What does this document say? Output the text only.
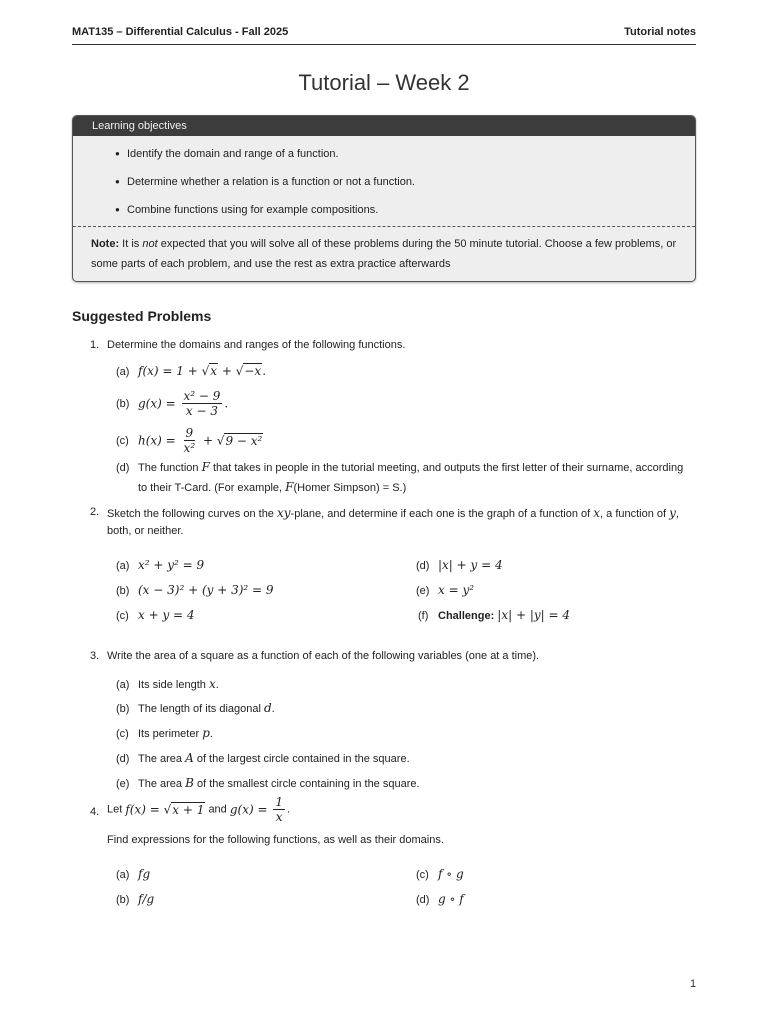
MAT135 – Differential Calculus - Fall 2025	Tutorial notes
Tutorial – Week 2
Learning objectives
● Identify the domain and range of a function.
● Determine whether a relation is a function or not a function.
● Combine functions using for example compositions.
Note: It is not expected that you will solve all of these problems during the 50 minute tutorial. Choose a few problems, or some parts of each problem, and use the rest as extra practice afterwards
Suggested Problems
1. Determine the domains and ranges of the following functions.
(a) f(x) = 1 + √x + √−x.
(b) $g(x) = \frac{\text{x² − 9}}{x - 3}$ .
(c) $h(x) = \frac{9}{\text{x²}} + √9 - x^2$
(d) The function F that takes in people in the tutorial meeting, and outputs the first letter of their surname, according
to their T-Card. (For example, F(Homer Simpson) = S.)
2. Sketch the following curves on the xy-plane, and determine if each one is the graph of a function of x, a function of y,
both, or neither.
(a) x² + y² = 9
(b) (x − 3)² + (y + 3)² = 9
(c) x + y = 4
(d) |x| + y = 4
(e) x = y²
(f) Challenge: |x| + |y| = 4
3. Write the area of a square as a function of each of the following variables (one at a time).
(a) Its side length x.
(b) The length of its diagonal d.
(c) Its perimeter p.
(d) The area A of the largest circle contained in the square.
(e) The area B of the smallest circle containing in the square.
4. Let f(x) = √x + 1 and $g(x) = \frac{1}{x}$ .
Find expressions for the following functions, as well as their domains.
(a) fg
(b) f/g
(c) f ∘ g
(d) g ∘ f
1
